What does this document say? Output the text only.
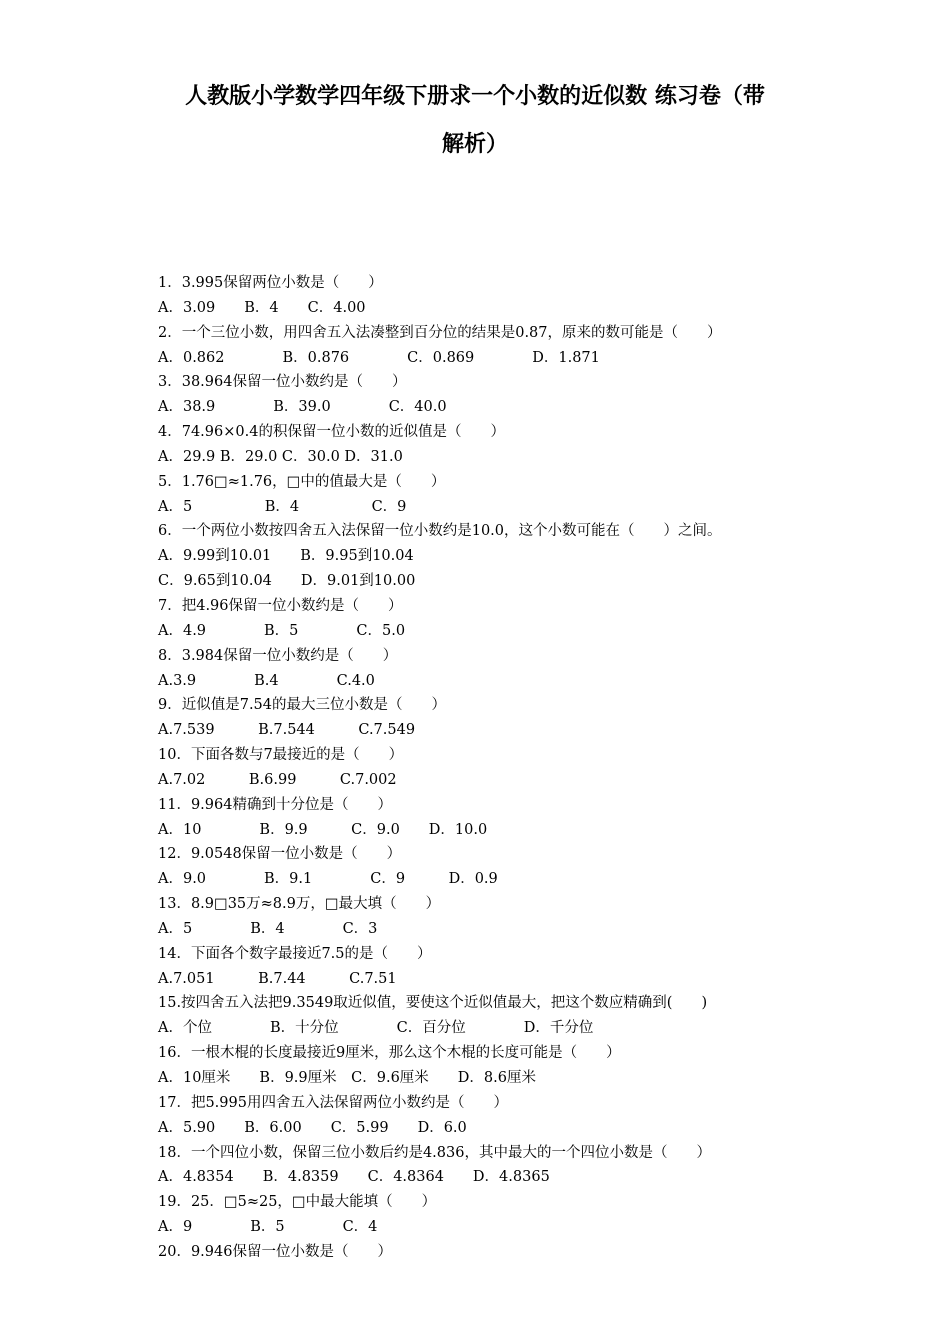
人教版小学数学四年级下册求一个小数的近似数 练习卷（带
解析）
1．3.995保留两位小数是（　　）
A．3.09　　B．4　　C．4.00
2．一个三位小数，用四舍五入法凑整到百分位的结果是0.87，原来的数可能是（　　）
A．0.862　　　　B．0.876　　　　C．0.869　　　　D．1.871
3．38.964保留一位小数约是（　　）
A．38.9　　　　B．39.0　　　　C．40.0
4．74.96×0.4的积保留一位小数的近似值是（　　）
A．29.9 B．29.0 C．30.0 D．31.0
5．1.76□≈1.76，□中的值最大是（　　）
A．5　　　　　B．4　　　　　C．9
6．一个两位小数按四舍五入法保留一位小数约是10.0，这个小数可能在（　　）之间。
A．9.99到10.01　　B．9.95到10.04
C．9.65到10.04　　D．9.01到10.00
7．把4.96保留一位小数约是（　　）
A．4.9　　　　B．5　　　　C．5.0
8．3.984保留一位小数约是（　　）
A.3.9　　　　B.4　　　　C.4.0
9．近似值是7.54的最大三位小数是（　　）
A.7.539　　　B.7.544　　　C.7.549
10．下面各数与7最接近的是（　　）
A.7.02　　　B.6.99　　　C.7.002
11．9.964精确到十分位是（　　）
A．10　　　　B．9.9　　　C．9.0　　D．10.0
12．9.0548保留一位小数是（　　）
A．9.0　　　　B．9.1　　　　C．9　　　D．0.9
13．8.9□35万≈8.9万，□最大填（　　）
A．5　　　　B．4　　　　C．3
14．下面各个数字最接近7.5的是（　　）
A.7.051　　　B.7.44　　　C.7.51
15.按四舍五入法把9.3549取近似值，要使这个近似值最大，把这个数应精确到(　　)
A．个位　　　　B．十分位　　　　C．百分位　　　　D．千分位
16．一根木棍的长度最接近9厘米，那么这个木棍的长度可能是（　　）
A．10厘米　　B．9.9厘米　C．9.6厘米　　D．8.6厘米
17．把5.995用四舍五入法保留两位小数约是（　　）
A．5.90　　B．6.00　　C．5.99　　D．6.0
18．一个四位小数，保留三位小数后约是4.836，其中最大的一个四位小数是（　　）
A．4.8354　　B．4.8359　　C．4.8364　　D．4.8365
19．25．□5≈25，□中最大能填（　　）
A．9　　　　B．5　　　　C．4
20．9.946保留一位小数是（　　）
